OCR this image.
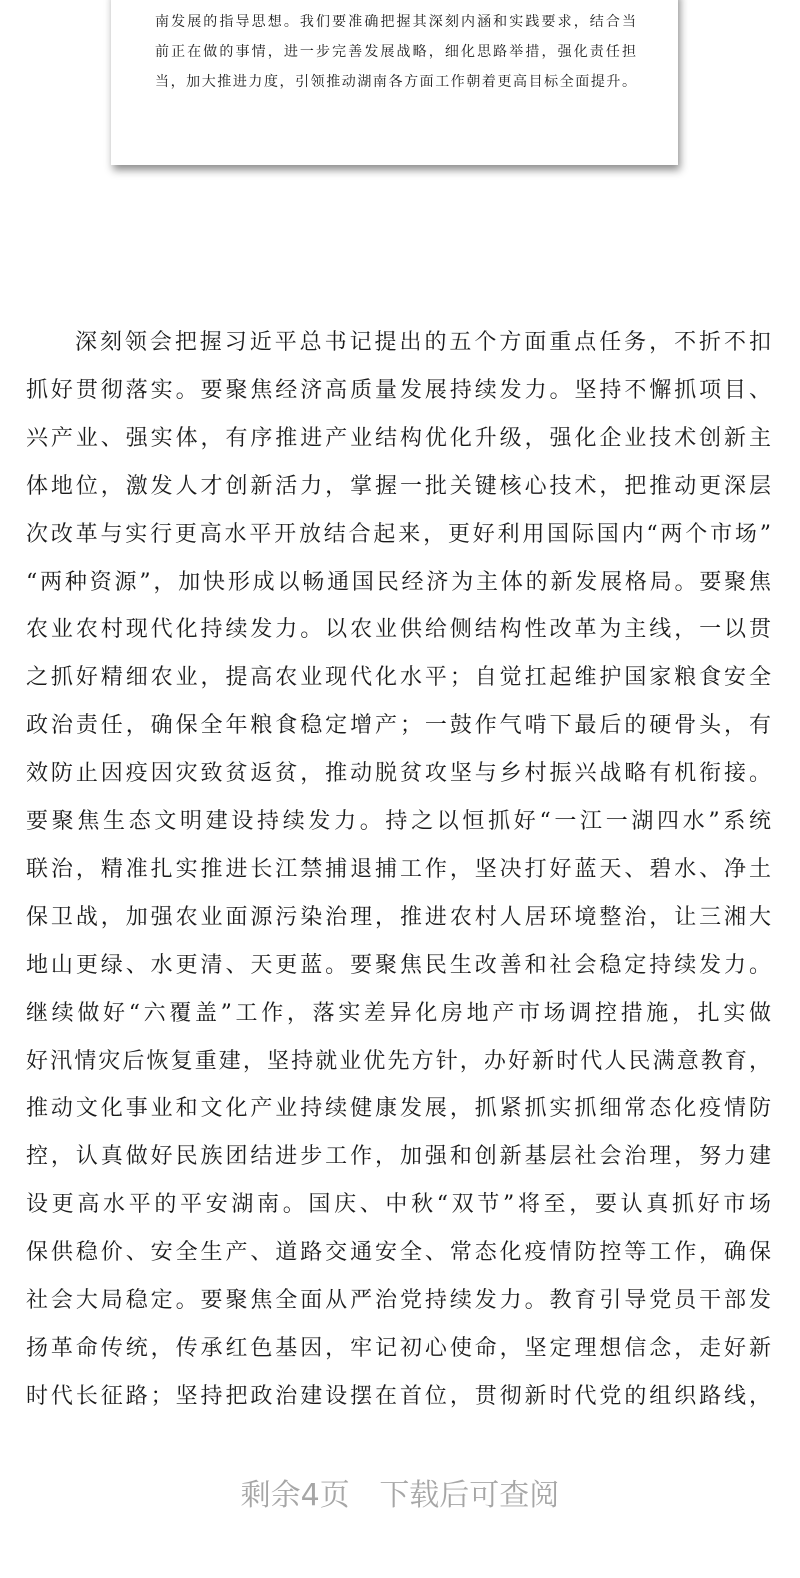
南发展的指导思想。我们要准确把握其深刻内涵和实践要求，结合当
前正在做的事情，进一步完善发展战略，细化思路举措，强化责任担
当，加大推进力度，引领推动湖南各方面工作朝着更高目标全面提升。
深刻领会把握习近平总书记提出的五个方面重点任务，不折不扣
抓好贯彻落实。要聚焦经济高质量发展持续发力。坚持不懈抓项目、
兴产业、强实体，有序推进产业结构优化升级，强化企业技术创新主
体地位，激发人才创新活力，掌握一批关键核心技术，把推动更深层
次改革与实行更高水平开放结合起来，更好利用国际国内“两个市场”
“两种资源”，加快形成以畅通国民经济为主体的新发展格局。要聚焦
农业农村现代化持续发力。以农业供给侧结构性改革为主线，一以贯
之抓好精细农业，提高农业现代化水平；自觉扛起维护国家粮食安全
政治责任，确保全年粮食稳定增产；一鼓作气啃下最后的硬骨头，有
效防止因疫因灾致贫返贫，推动脱贫攻坚与乡村振兴战略有机衔接。
要聚焦生态文明建设持续发力。持之以恒抓好“一江一湖四水”系统
联治，精准扎实推进长江禁捕退捕工作，坚决打好蓝天、碧水、净土
保卫战，加强农业面源污染治理，推进农村人居环境整治，让三湘大
地山更绿、水更清、天更蓝。要聚焦民生改善和社会稳定持续发力。
继续做好“六覆盖”工作，落实差异化房地产市场调控措施，扎实做
好汛情灾后恢复重建，坚持就业优先方针，办好新时代人民满意教育，
推动文化事业和文化产业持续健康发展，抓紧抓实抓细常态化疫情防
控，认真做好民族团结进步工作，加强和创新基层社会治理，努力建
设更高水平的平安湖南。国庆、中秋“双节”将至，要认真抓好市场
保供稳价、安全生产、道路交通安全、常态化疫情防控等工作，确保
社会大局稳定。要聚焦全面从严治党持续发力。教育引导党员干部发
扬革命传统，传承红色基因，牢记初心使命，坚定理想信念，走好新
时代长征路；坚持把政治建设摆在首位，贯彻新时代党的组织路线，
剩余4页 下载后可查阅
